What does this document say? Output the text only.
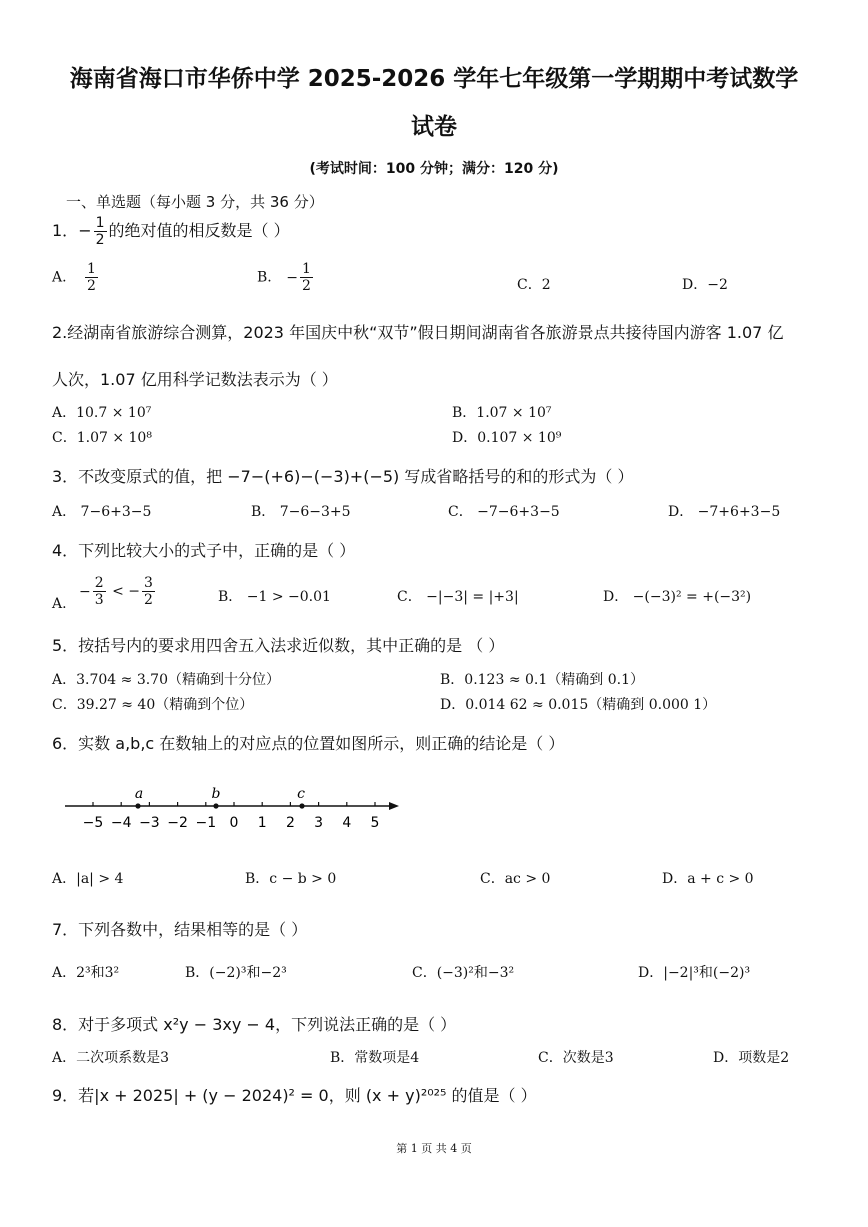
海南省海口市华侨中学 2025-2026 学年七年级第一学期期中考试数学
试卷
(考试时间：100 分钟；满分：120 分)
一、单选题（每小题 3 分，共 36 分）
1．− $\frac{1}{2}$ 的绝对值的相反数是（ ）
A. $\frac{1}{2}$	B. − $\frac{1}{2}$	C．2	D．−2
2.经湖南省旅游综合测算，2023 年国庆中秋“双节”假日期间湖南省各旅游景点共接待国内游客 1.07 亿
人次，1.07 亿用科学记数法表示为（ ）
A．10.7 × 10⁷	B．1.07 × 10⁷
C．1.07 × 10⁸	D．0.107 × 10⁹
3．不改变原式的值，把 −7−(+6)−(−3)+(−5) 写成省略括号的和的形式为（ ）
A． 7−6+3−5	B． 7−6−3+5	C． −7−6+3−5	D． −7+6+3−5
4．下列比较大小的式子中，正确的是（ ）
A. − $\frac{2}{3}$ < − $\frac{3}{2}$	B． −1 > −0.01	C． −|−3| = |+3|	D． −(−3)² = +(−3²)
5．按括号内的要求用四舍五入法求近似数，其中正确的是 （ ）
A．3.704 ≈ 3.70（精确到十分位）	B．0.123 ≈ 0.1（精确到 0.1）
C．39.27 ≈ 40（精确到个位）	D．0.014 62 ≈ 0.015（精确到 0.000 1）
6．实数 a,b,c 在数轴上的对应点的位置如图所示，则正确的结论是（ ）
−5 −4 −3 −2 −1 0 1 2 3 4 5
a	b	c
A．|a| > 4	B．c − b > 0	C．ac > 0	D．a + c > 0
7．下列各数中，结果相等的是（ ）
A．2³和3²	B．(−2)³和−2³	C．(−3)²和−3²	D．|−2|³和(−2)³
8．对于多项式 x²y − 3xy − 4，下列说法正确的是（ ）
A．二次项系数是3	B．常数项是4	C．次数是3	D．项数是2
9．若|x + 2025| + (y − 2024)² = 0，则 (x + y)²⁰²⁵ 的值是（ ）
第 1 页 共 4 页
